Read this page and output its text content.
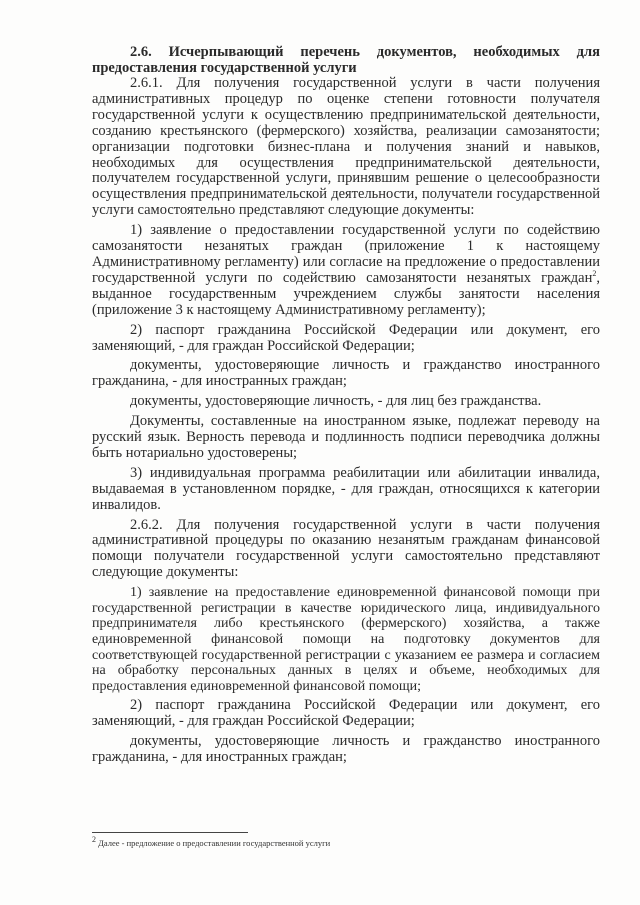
2.6. Исчерпывающий перечень документов, необходимых для предоставления государственной услуги

2.6.1. Для получения государственной услуги в части получения административных процедур по оценке степени готовности получателя государственной услуги к осуществлению предпринимательской деятельности, созданию крестьянского (фермерского) хозяйства, реализации самозанятости; организации подготовки бизнес-плана и получения знаний и навыков, необходимых для осуществления предпринимательской деятельности, получателем государственной услуги, принявшим решение о целесообразности осуществления предпринимательской деятельности, получатели государственной услуги самостоятельно представляют следующие документы:

1) заявление о предоставлении государственной услуги по содействию самозанятости незанятых граждан (приложение 1 к настоящему Административному регламенту) или согласие на предложение о предоставлении государственной услуги по содействию самозанятости незанятых граждан$^2$, выданное государственным учреждением службы занятости населения (приложение 3 к настоящему Административному регламенту);

2) паспорт гражданина Российской Федерации или документ, его заменяющий, - для граждан Российской Федерации;

документы, удостоверяющие личность и гражданство иностранного гражданина, - для иностранных граждан;

документы, удостоверяющие личность, - для лиц без гражданства.

Документы, составленные на иностранном языке, подлежат переводу на русский язык. Верность перевода и подлинность подписи переводчика должны быть нотариально удостоверены;

3) индивидуальная программа реабилитации или абилитации инвалида, выдаваемая в установленном порядке, - для граждан, относящихся к категории инвалидов.

2.6.2. Для получения государственной услуги в части получения административной процедуры по оказанию незанятым гражданам финансовой помощи получатели государственной услуги самостоятельно представляют следующие документы:

1) заявление на предоставление единовременной финансовой помощи при государственной регистрации в качестве юридического лица, индивидуального предпринимателя либо крестьянского (фермерского) хозяйства, а также единовременной финансовой помощи на подготовку документов для соответствующей государственной регистрации с указанием ее размера и согласием на обработку персональных данных в целях и объеме, необходимых для предоставления единовременной финансовой помощи;

2) паспорт гражданина Российской Федерации или документ, его заменяющий, - для граждан Российской Федерации;

документы, удостоверяющие личность и гражданство иностранного гражданина, - для иностранных граждан;

$^2$ Далее - предложение о предоставлении государственной услуги
